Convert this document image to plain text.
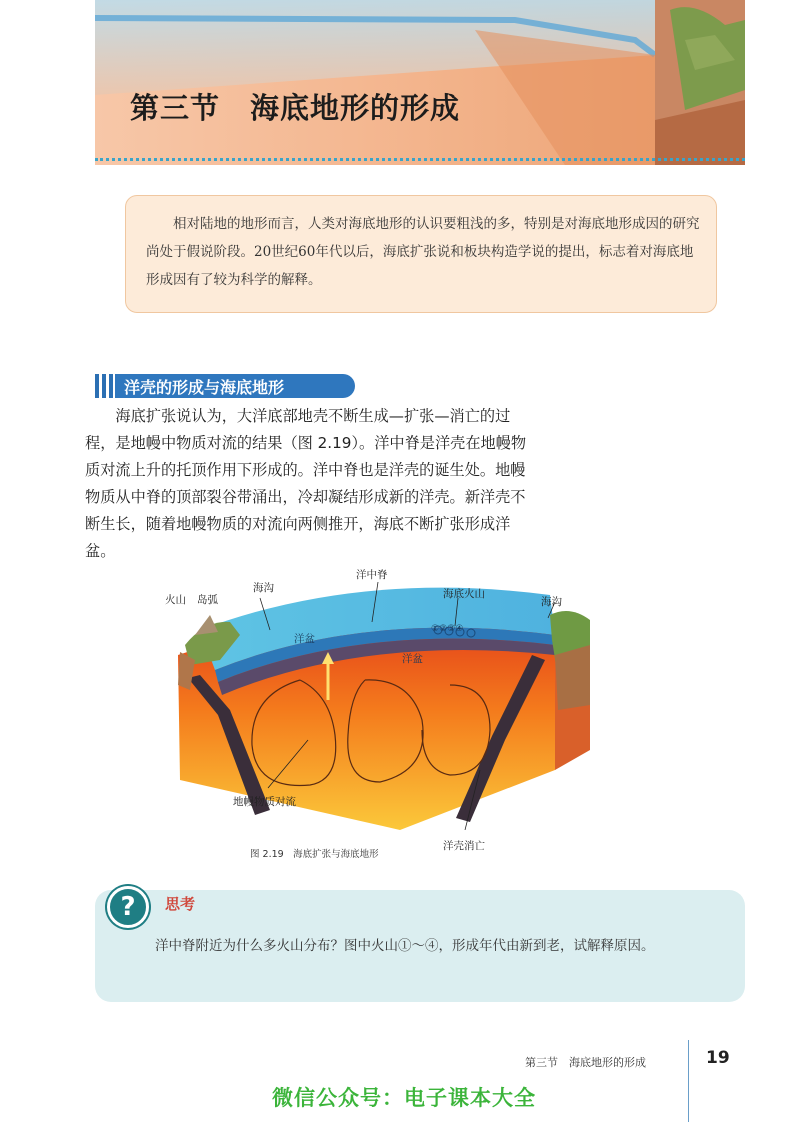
第三节　海底地形的形成
相对陆地的地形而言，人类对海底地形的认识要粗浅的多，特别是对海底地形成因的研究尚处于假说阶段。20世纪60年代以后，海底扩张说和板块构造学说的提出，标志着对海底地形成因有了较为科学的解释。
洋壳的形成与海底地形
海底扩张说认为，大洋底部地壳不断生成—扩张—消亡的过程，是地幔中物质对流的结果（图 2.19）。洋中脊是洋壳在地幔物质对流上升的托顶作用下形成的。洋中脊也是洋壳的诞生处。地幔物质从中脊的顶部裂谷带涌出，冷却凝结形成新的洋壳。新洋壳不断生长，随着地幔物质的对流向两侧推开，海底不断扩张形成洋盆。
火山 岛弧
海沟
洋中脊
海底火山
海沟
洋盆
洋盆
①②③④
地幔物质对流
洋壳消亡
图 2.19　海底扩张与海底地形
?	思考
洋中脊附近为什么多火山分布？图中火山①～④，形成年代由新到老，试解释原因。
第三节　海底地形的形成	19
微信公众号：电子课本大全
